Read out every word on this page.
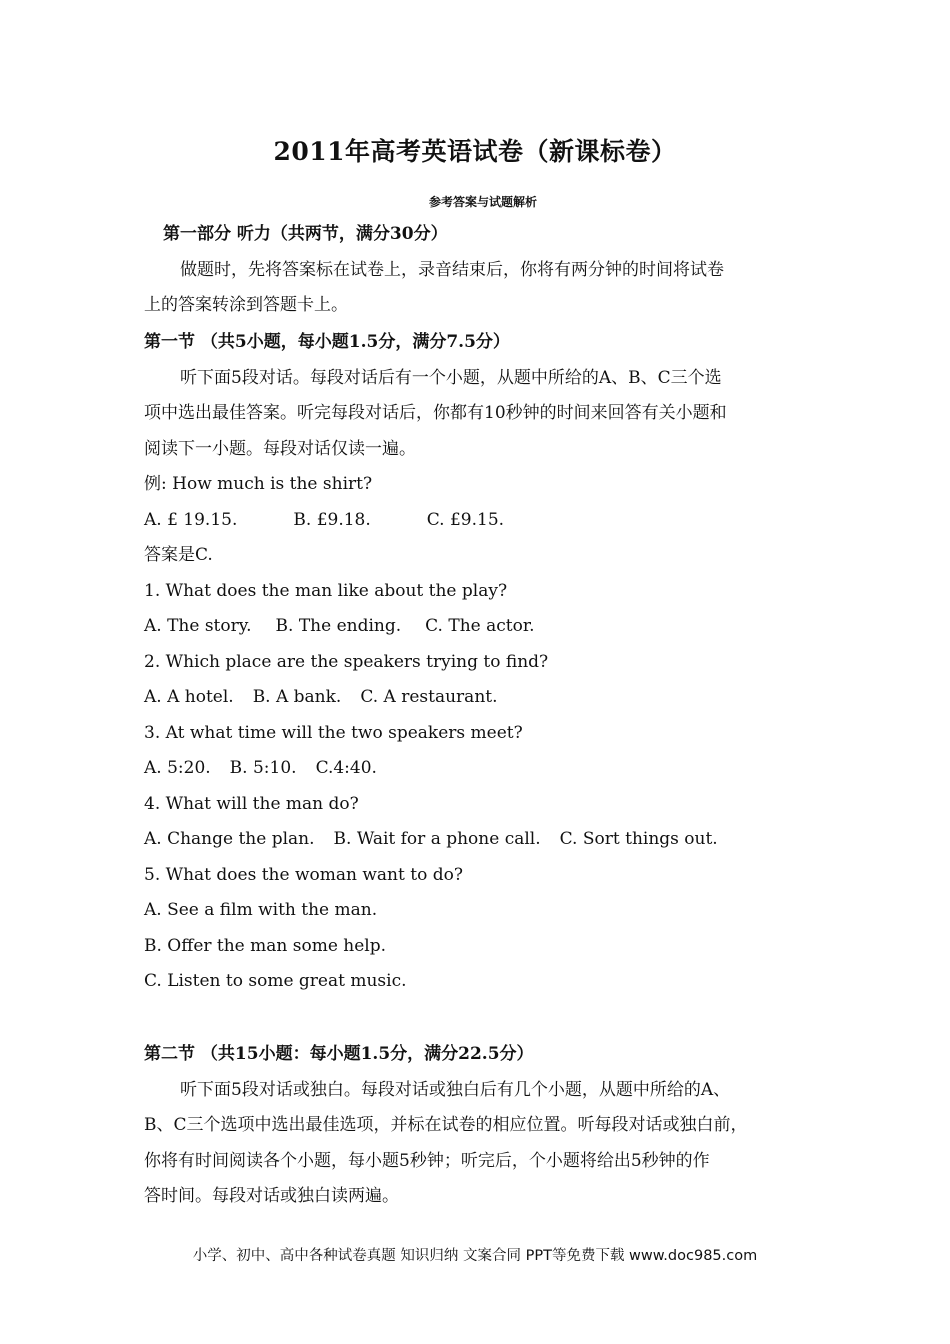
2011年高考英语试卷（新课标卷）
参考答案与试题解析
第一部分 听力（共两节，满分30分）
做题时，先将答案标在试卷上，录音结束后，你将有两分钟的时间将试卷
上的答案转涂到答题卡上。
第一节 （共5小题，每小题1.5分，满分7.5分）
听下面5段对话。每段对话后有一个小题，从题中所给的A、B、C三个选
项中选出最佳答案。听完每段对话后，你都有10秒钟的时间来回答有关小题和
阅读下一小题。每段对话仅读一遍。
例: How much is the shirt?
A. £ 19.15.	B. £9.18.	C. £9.15.
答案是C.
1. What does the man like about the play?
A. The story. B. The ending. C. The actor.
2. Which place are the speakers trying to find?
A. A hotel. B. A bank. C. A restaurant.
3. At what time will the two speakers meet?
A. 5:20. B. 5:10. C.4:40.
4. What will the man do?
A. Change the plan. B. Wait for a phone call. C. Sort things out.
5. What does the woman want to do?
A. See a film with the man.
B. Offer the man some help.
C. Listen to some great music.
第二节 （共15小题：每小题1.5分，满分22.5分）
听下面5段对话或独白。每段对话或独白后有几个小题，从题中所给的A、
B、C三个选项中选出最佳选项，并标在试卷的相应位置。听每段对话或独白前，
你将有时间阅读各个小题，每小题5秒钟；听完后，个小题将给出5秒钟的作
答时间。每段对话或独白读两遍。
小学、初中、高中各种试卷真题 知识归纳 文案合同 PPT等免费下载 www.doc985.com
